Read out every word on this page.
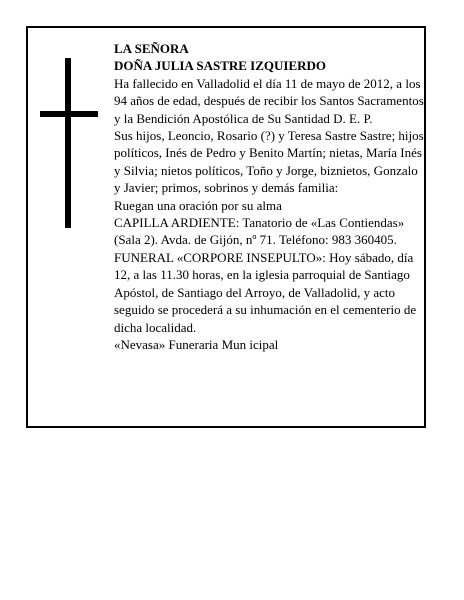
LA SEÑORA

DOÑA JULIA SASTRE IZQUIERDO

Ha fallecido en Valladolid el día 11 de mayo de 2012, a los 94 años de edad, después de recibir los Santos Sacramentos y la Bendición Apostólica de Su Santidad D. E. P.

Sus hijos, Leoncio, Rosario (?) y Teresa Sastre Sastre; hijos políticos, Inés de Pedro y Benito Martín; nietas, María Inés y Silvia; nietos políticos, Toño y Jorge, biznietos, Gonzalo y Javier; primos, sobrinos y demás familia:

Ruegan una oración por su alma

CAPILLA ARDIENTE: Tanatorio de «Las Contiendas» (Sala 2). Avda. de Gijón, nº 71. Teléfono: 983 360405.

FUNERAL «CORPORE INSEPULTO»: Hoy sábado, día 12, a las 11.30 horas, en la iglesia parroquial de Santiago Apóstol, de Santiago del Arroyo, de Valladolid, y acto seguido se procederá a su inhumación en el cementerio de dicha localidad.

«Nevasa» Funeraria Mun icipal
